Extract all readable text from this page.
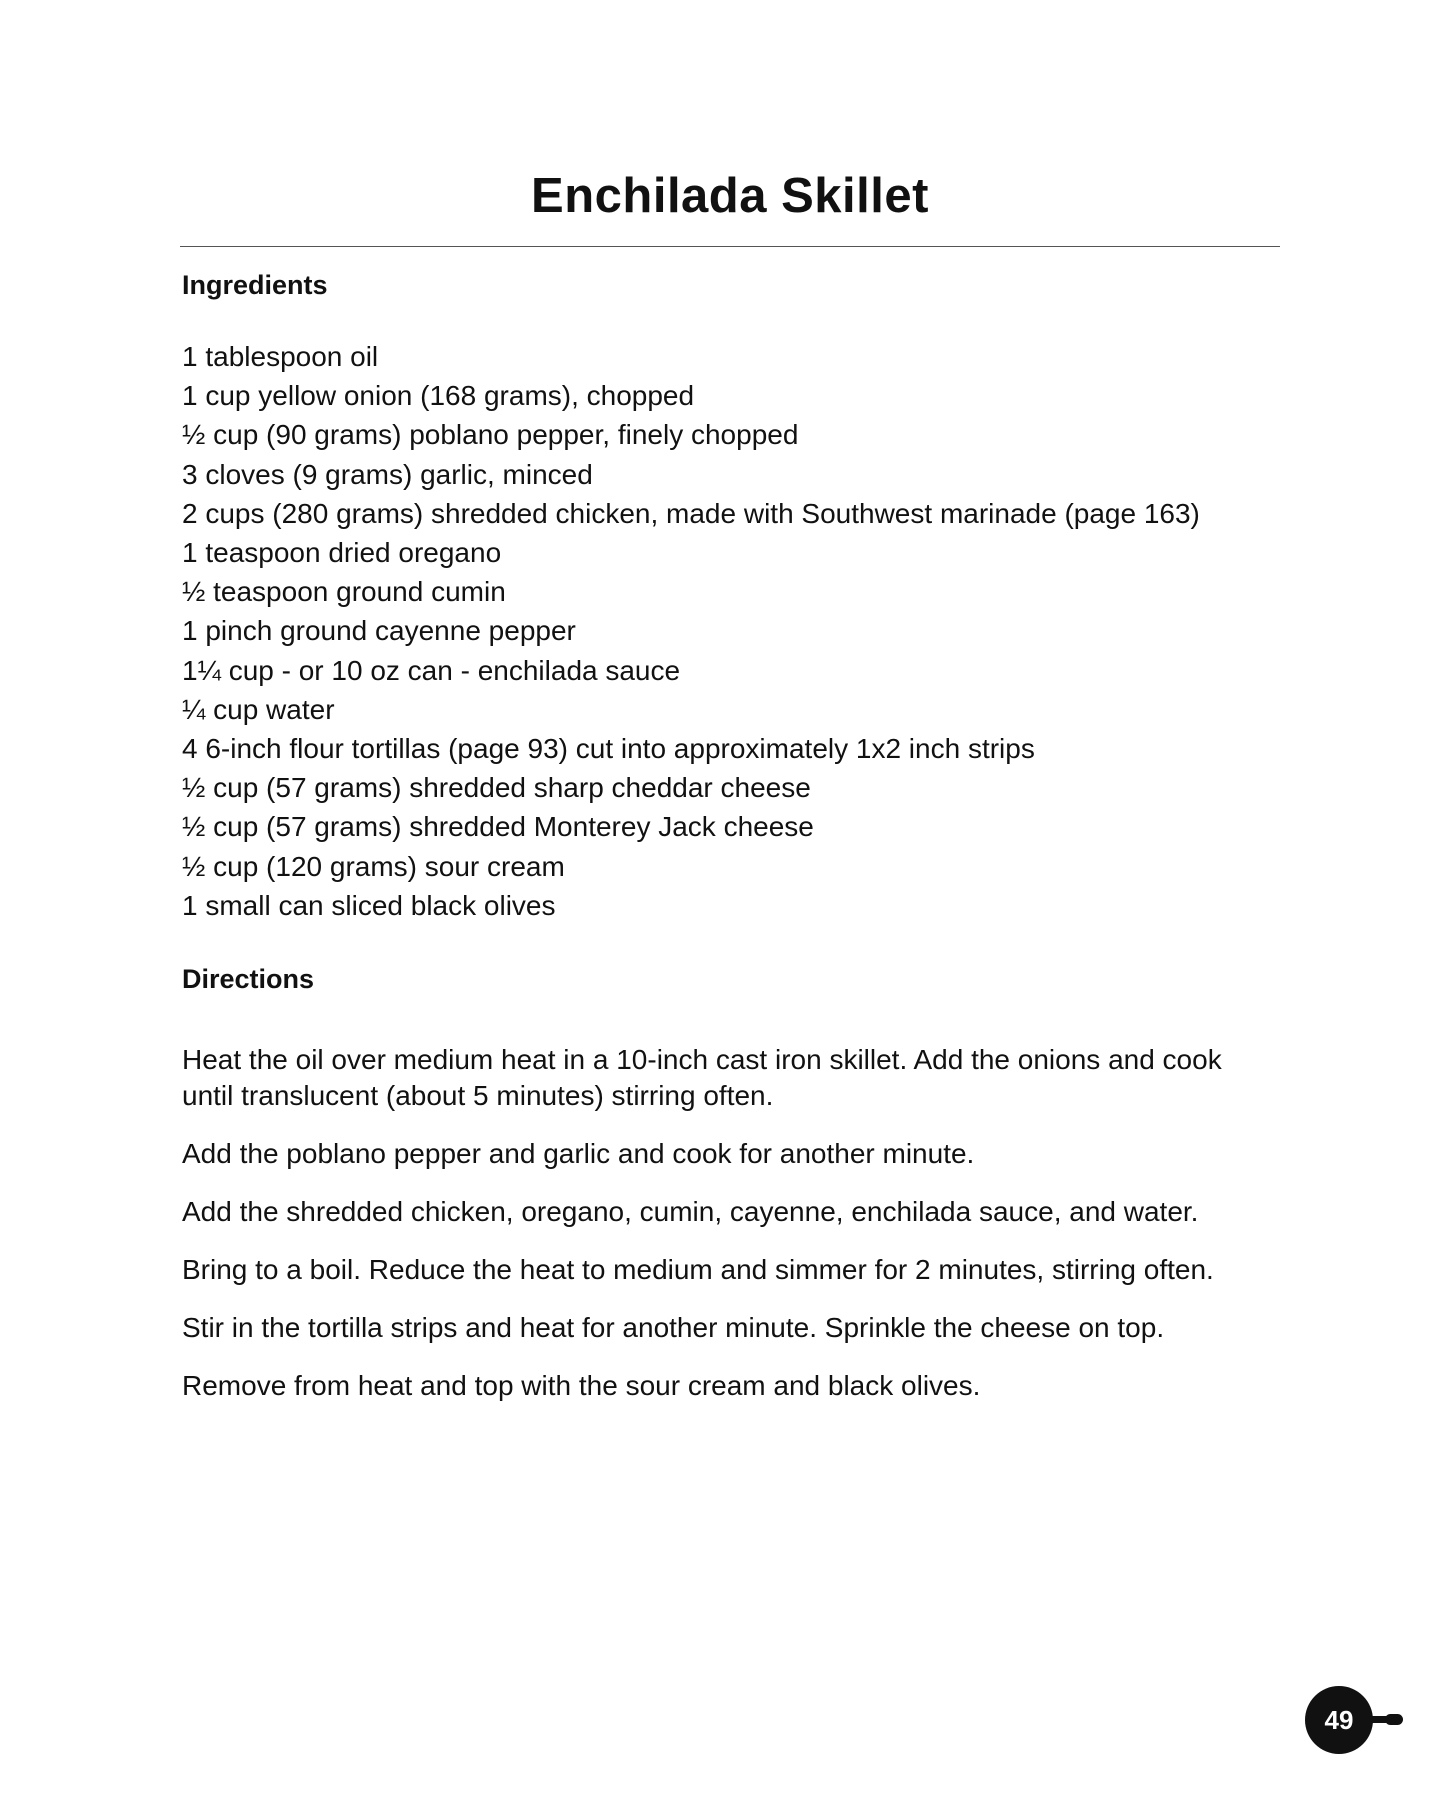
Enchilada Skillet
Ingredients
1 tablespoon oil
1 cup yellow onion (168 grams), chopped
½ cup (90 grams) poblano pepper, finely chopped
3 cloves (9 grams) garlic, minced
2 cups (280 grams) shredded chicken, made with Southwest marinade (page 163)
1 teaspoon dried oregano
½ teaspoon ground cumin
1 pinch ground cayenne pepper
1¼ cup - or 10 oz can - enchilada sauce
¼ cup water
4 6-inch flour tortillas (page 93) cut into approximately 1x2 inch strips
½ cup (57 grams) shredded sharp cheddar cheese
½ cup (57 grams) shredded Monterey Jack cheese
½ cup (120 grams) sour cream
1 small can sliced black olives
Directions

Heat the oil over medium heat in a 10-inch cast iron skillet. Add the onions and cook until translucent (about 5 minutes) stirring often.

Add the poblano pepper and garlic and cook for another minute.

Add the shredded chicken, oregano, cumin, cayenne, enchilada sauce, and water.

Bring to a boil. Reduce the heat to medium and simmer for 2 minutes, stirring often.

Stir in the tortilla strips and heat for another minute. Sprinkle the cheese on top.

Remove from heat and top with the sour cream and black olives.

49
